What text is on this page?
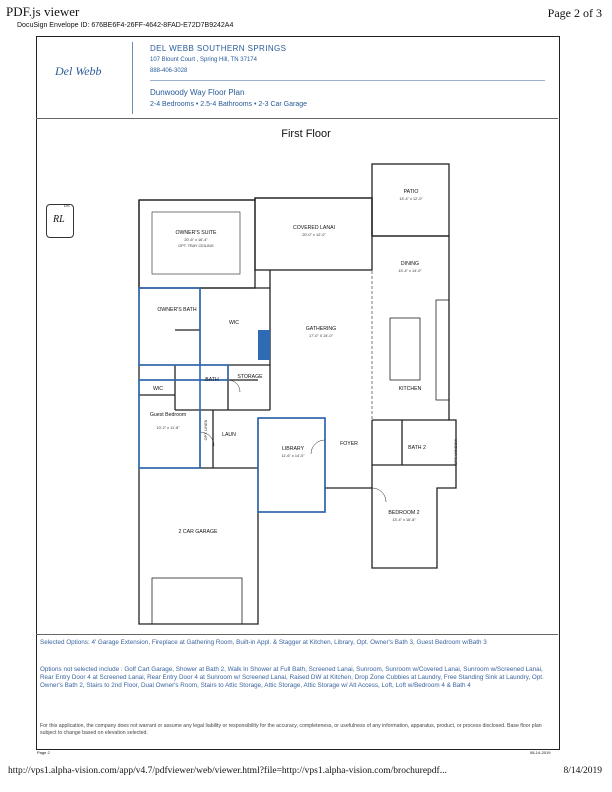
PDF.js viewer	Page 2 of 3
DocuSign Envelope ID: 676BE6F4-26FF-4642-8FAD-E72D7B9242A4
Del Webb
DEL WEBB SOUTHERN SPRINGS
107 Blount Court , Spring Hill, TN 37174
888-406-3028
Dunwoody Way Floor Plan
2-4 Bedrooms • 2.5-4 Bathrooms • 2-3 Car Garage
First Floor
DS
RL
PATIO
13'-4" x 12'-0"
COVERED LANAI
20'-0" x 12'-0"
OWNER'S SUITE
20'-6" x 16'-4"
OPT. TRAY CEILING
DINING
13'-4" x 14'-0"
OWNER'S BATH
WIC
GATHERING
17'-0" X 24'-0"
KITCHEN
WIC
BATH	STORAGE
Guest Bedroom
10'-2" x 11'-8"
LAUN
LIBRARY
11'-6" x 14'-0"
FOYER
BATH 2
2 CAR GARAGE
BEDROOM 2
13'-4" x 16'-8"
OPT. WINDOW
OPT. LINEN
Selected Options: 4' Garage Extension, Fireplace at Gathering Room, Built-in Appl. & Stagger at Kitchen, Library, Opt. Owner's Bath 3, Guest Bedroom w/Bath 3
Options not selected include : Golf Cart Garage, Shower at Bath 2, Walk In Shower at Full Bath, Screened Lanai, Sunroom, Sunroom w/Covered Lanai, Sunroom w/Screened Lanai, Rear Entry Door 4 at Screened Lanai, Rear Entry Door 4 at Sunroom w/ Screened Lanai, Raised DW at Kitchen, Drop Zone Cubbies at Laundry, Free Standing Sink at Laundry, Opt. Owner's Bath 2, Stairs to 2nd Floor, Dual Owner's Room, Stairs to Attic Storage, Attic Storage, Attic Storage w/ Alt Access, Loft, Loft w/Bedroom 4 & Bath 4
For this application, the company does not warrant or assume any legal liability or responsibility for the accuracy, completeness, or usefulness of any information, apparatus, product, or process disclosed. Base floor plan subject to change based on elevation selected.
Page 2	08-14-2019
http://vps1.alpha-vision.com/app/v4.7/pdfviewer/web/viewer.html?file=http://vps1.alpha-vision.com/brochurepdf...	8/14/2019
